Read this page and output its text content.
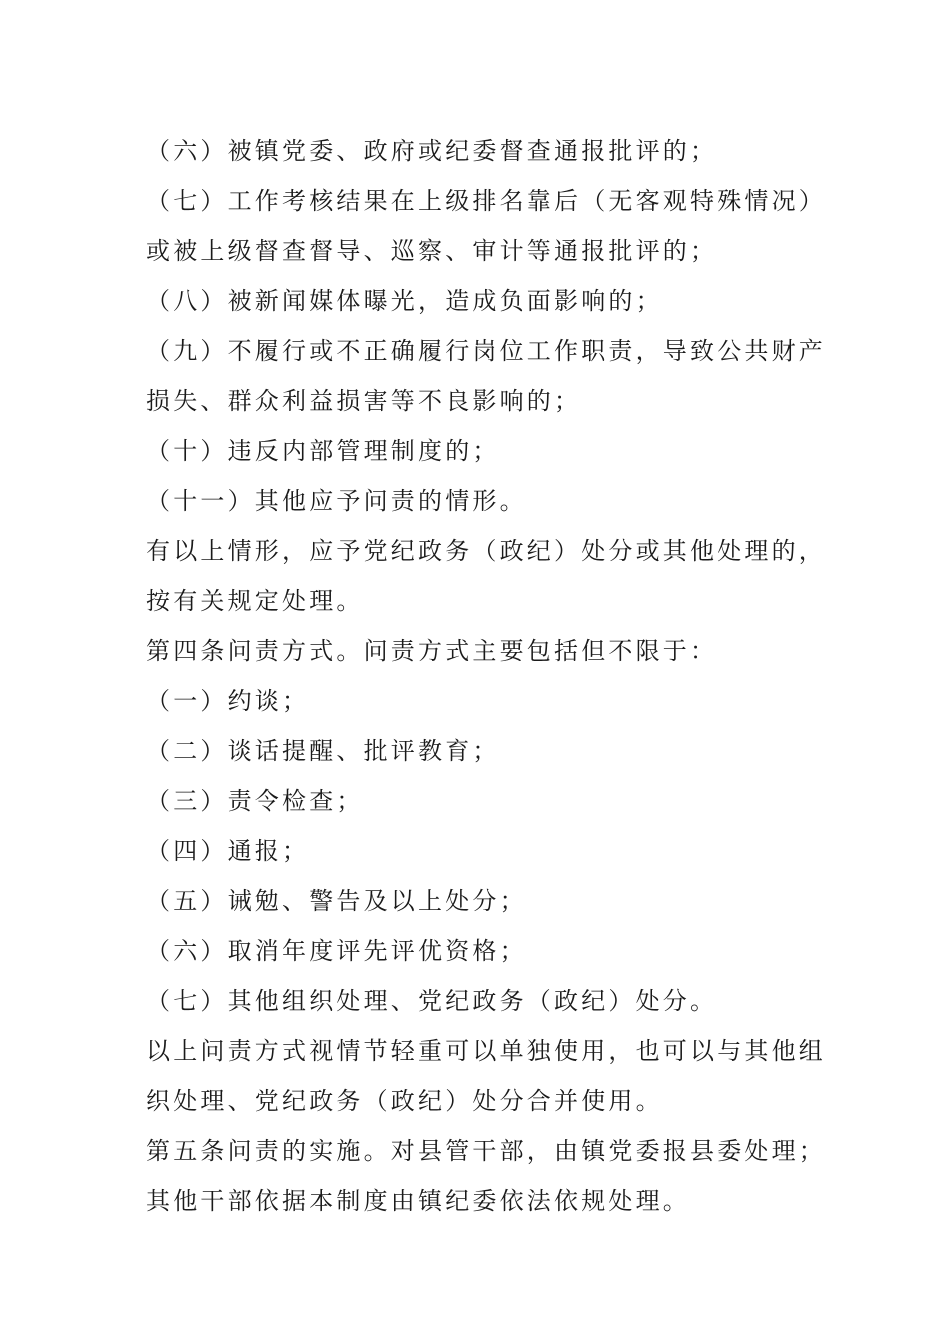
（六）被镇党委、政府或纪委督查通报批评的；
（七）工作考核结果在上级排名靠后（无客观特殊情况）
或被上级督查督导、巡察、审计等通报批评的；
（八）被新闻媒体曝光，造成负面影响的；
（九）不履行或不正确履行岗位工作职责，导致公共财产
损失、群众利益损害等不良影响的；
（十）违反内部管理制度的；
（十一）其他应予问责的情形。
有以上情形，应予党纪政务（政纪）处分或其他处理的，
按有关规定处理。
第四条问责方式。问责方式主要包括但不限于：
（一）约谈；
（二）谈话提醒、批评教育；
（三）责令检查；
（四）通报；
（五）诫勉、警告及以上处分；
（六）取消年度评先评优资格；
（七）其他组织处理、党纪政务（政纪）处分。
以上问责方式视情节轻重可以单独使用，也可以与其他组
织处理、党纪政务（政纪）处分合并使用。
第五条问责的实施。对县管干部，由镇党委报县委处理；
其他干部依据本制度由镇纪委依法依规处理。
